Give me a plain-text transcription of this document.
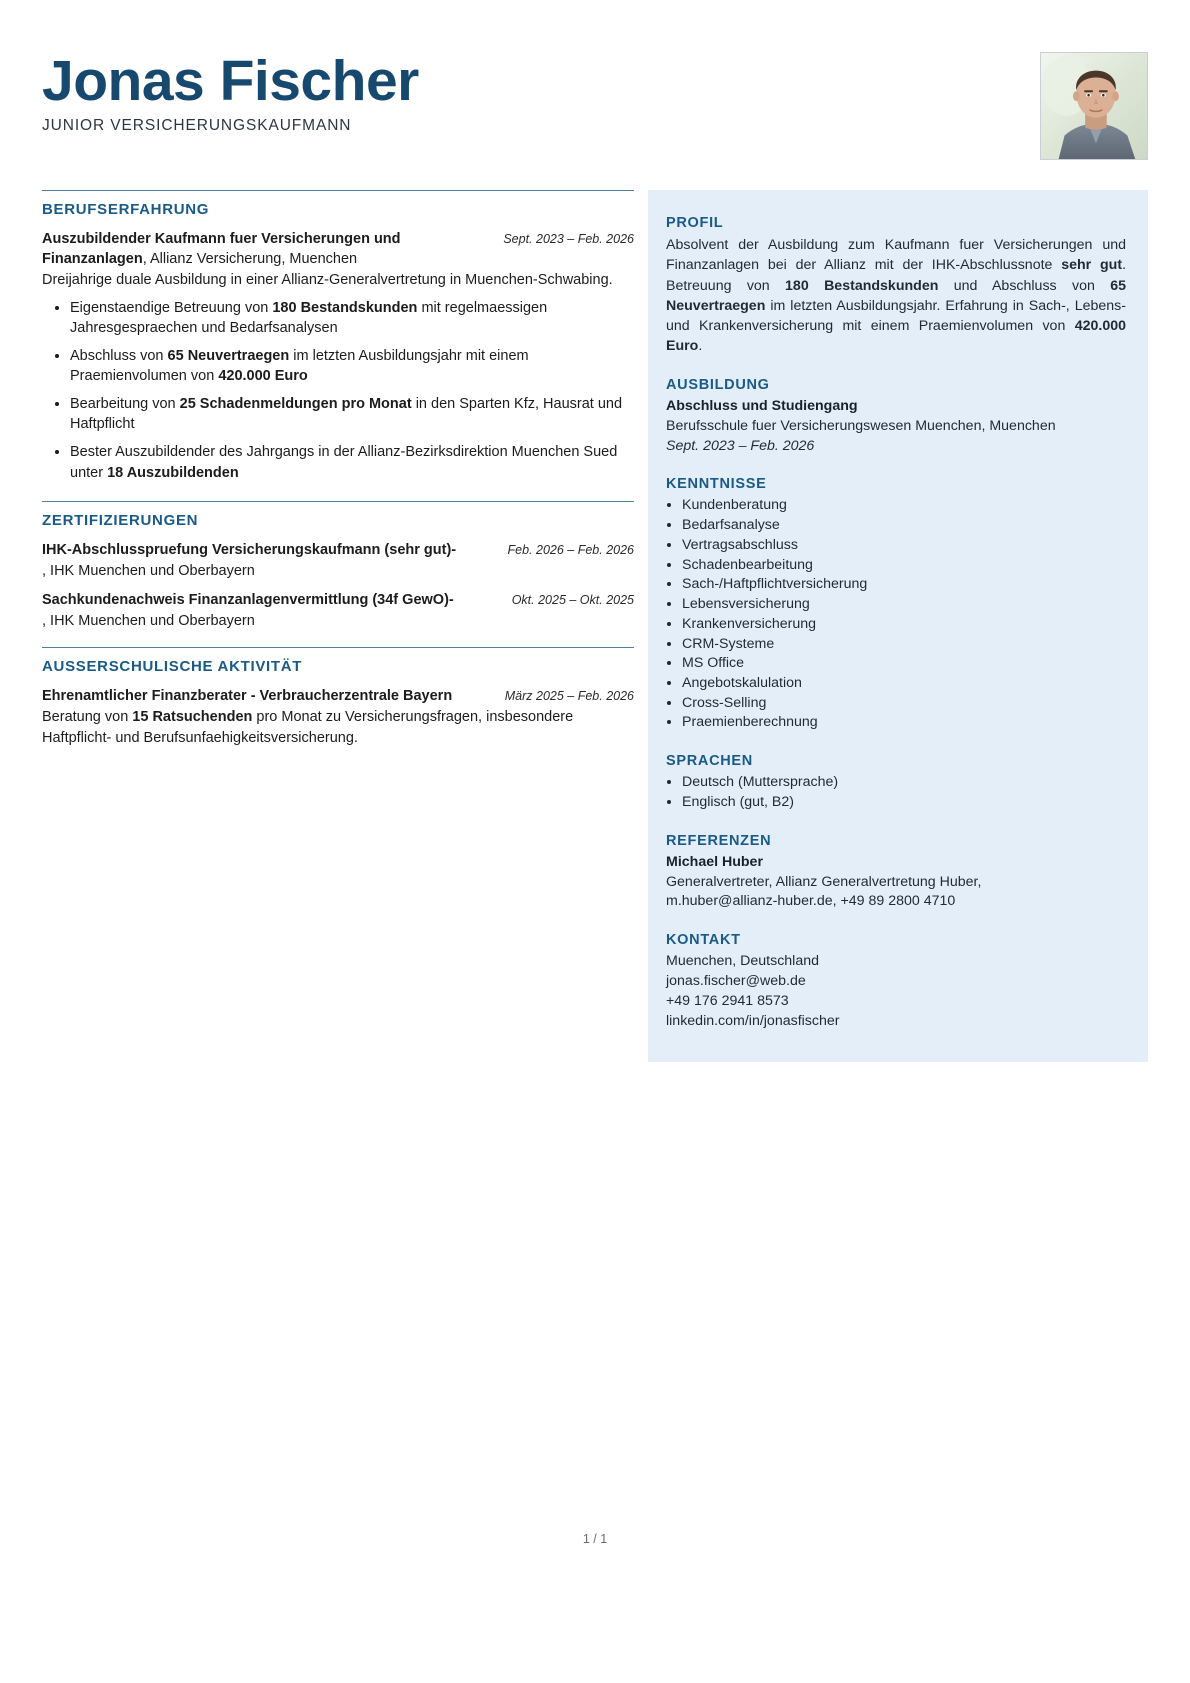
Jonas Fischer
JUNIOR VERSICHERUNGSKAUFMANN
BERUFSERFAHRUNG
Auszubildender Kaufmann fuer Versicherungen und Finanzanlagen, Allianz Versicherung, Muenchen
Sept. 2023 – Feb. 2026
Dreijahrige duale Ausbildung in einer Allianz-Generalvertretung in Muenchen-Schwabing.
• Eigenstaendige Betreuung von 180 Bestandskunden mit regelmaessigen Jahresgespraechen und Bedarfsanalysen
• Abschluss von 65 Neuvertraegen im letzten Ausbildungsjahr mit einem Praemienvolumen von 420.000 Euro
• Bearbeitung von 25 Schadenmeldungen pro Monat in den Sparten Kfz, Hausrat und Haftpflicht
• Bester Auszubildender des Jahrgangs in der Allianz-Bezirksdirektion Muenchen Sued unter 18 Auszubildenden
ZERTIFIZIERUNGEN
IHK-Abschlusspruefung Versicherungskaufmann (sehr gut)-	Feb. 2026 – Feb. 2026
, IHK Muenchen und Oberbayern
Sachkundenachweis Finanzanlagenvermittlung (34f GewO)-	Okt. 2025 – Okt. 2025
, IHK Muenchen und Oberbayern
AUSSERSCHULISCHE AKTIVITÄT
Ehrenamtlicher Finanzberater - Verbraucherzentrale Bayern	März 2025 – Feb. 2026
Beratung von 15 Ratsuchenden pro Monat zu Versicherungsfragen, insbesondere Haftpflicht- und Berufsunfaehigkeitsversicherung.
PROFIL
Absolvent der Ausbildung zum Kaufmann fuer Versicherungen und Finanzanlagen bei der Allianz mit der IHK-Abschlussnote sehr gut. Betreuung von 180 Bestandskunden und Abschluss von 65 Neuvertraegen im letzten Ausbildungsjahr. Erfahrung in Sach-, Lebens- und Krankenversicherung mit einem Praemienvolumen von 420.000 Euro.
AUSBILDUNG
Abschluss und Studiengang
Berufsschule fuer Versicherungswesen Muenchen, Muenchen
Sept. 2023 – Feb. 2026
KENNTNISSE
• Kundenberatung
• Bedarfsanalyse
• Vertragsabschluss
• Schadenbearbeitung
• Sach-/Haftpflichtversicherung
• Lebensversicherung
• Krankenversicherung
• CRM-Systeme
• MS Office
• Angebotskalulation
• Cross-Selling
• Praemienberechnung
SPRACHEN
• Deutsch (Muttersprache)
• Englisch (gut, B2)
REFERENZEN
Michael Huber
Generalvertreter, Allianz Generalvertretung Huber,
m.huber@allianz-huber.de, +49 89 2800 4710
KONTAKT
Muenchen, Deutschland
jonas.fischer@web.de
+49 176 2941 8573
linkedin.com/in/jonasfischer
1 / 1
